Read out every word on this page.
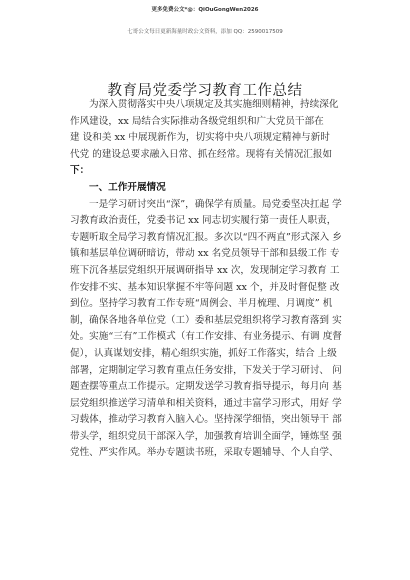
更多免费公文*@：QiOuGongWen2026
七哥公文每日更新海量时政公文资料，添加 QQ：2590017509
教育局党委学习教育工作总结
为深入贯彻落实中央八项规定及其实施细则精神，持续深化
作风建设，xx 局结合实际推动各级党组织和广大党员干部在
建 设和美 xx 中展现新作为，切实将中央八项规定精神与新时
代党 的建设总要求融入日常、抓在经常。现将有关情况汇报如
下：
一、工作开展情况
一是学习研讨突出“深”，确保学有质量。局党委坚决扛起 学
习教育政治责任，党委书记 xx 同志切实履行第一责任人职责，
专题听取全局学习教育情况汇报。多次以“四不两直”形式深入 乡
镇和基层单位调研暗访，带动 xx 名党员领导干部和县级工作 专
班下沉各基层党组织开展调研指导 xx 次，发现制定学习教育 工
作安排不实、基本知识掌握不牢等问题 xx 个，并及时督促整 改
到位。坚持学习教育工作专班“周例会、半月梳理、月调度” 机
制，确保各地各单位党（工）委和基层党组织将学习教育落到 实
处。实施“三有”工作模式（有工作安排、有业务提示、有调 度督
促），认真谋划安排，精心组织实施，抓好工作落实，结合 上级
部署，定期制定学习教育重点任务安排，下发关于学习研讨、 问
题查摆等重点工作提示。定期发送学习教育指导提示，每月向 基
层党组织推送学习清单和相关资料，通过丰富学习形式，用好 学
习载体，推动学习教育入脑入心。坚持深学细悟，突出领导干 部
带头学，组织党员干部深入学，加强教育培训全面学，锤炼坚 强
党性、严实作风。举办专题读书班，采取专题辅导、个人自学、
